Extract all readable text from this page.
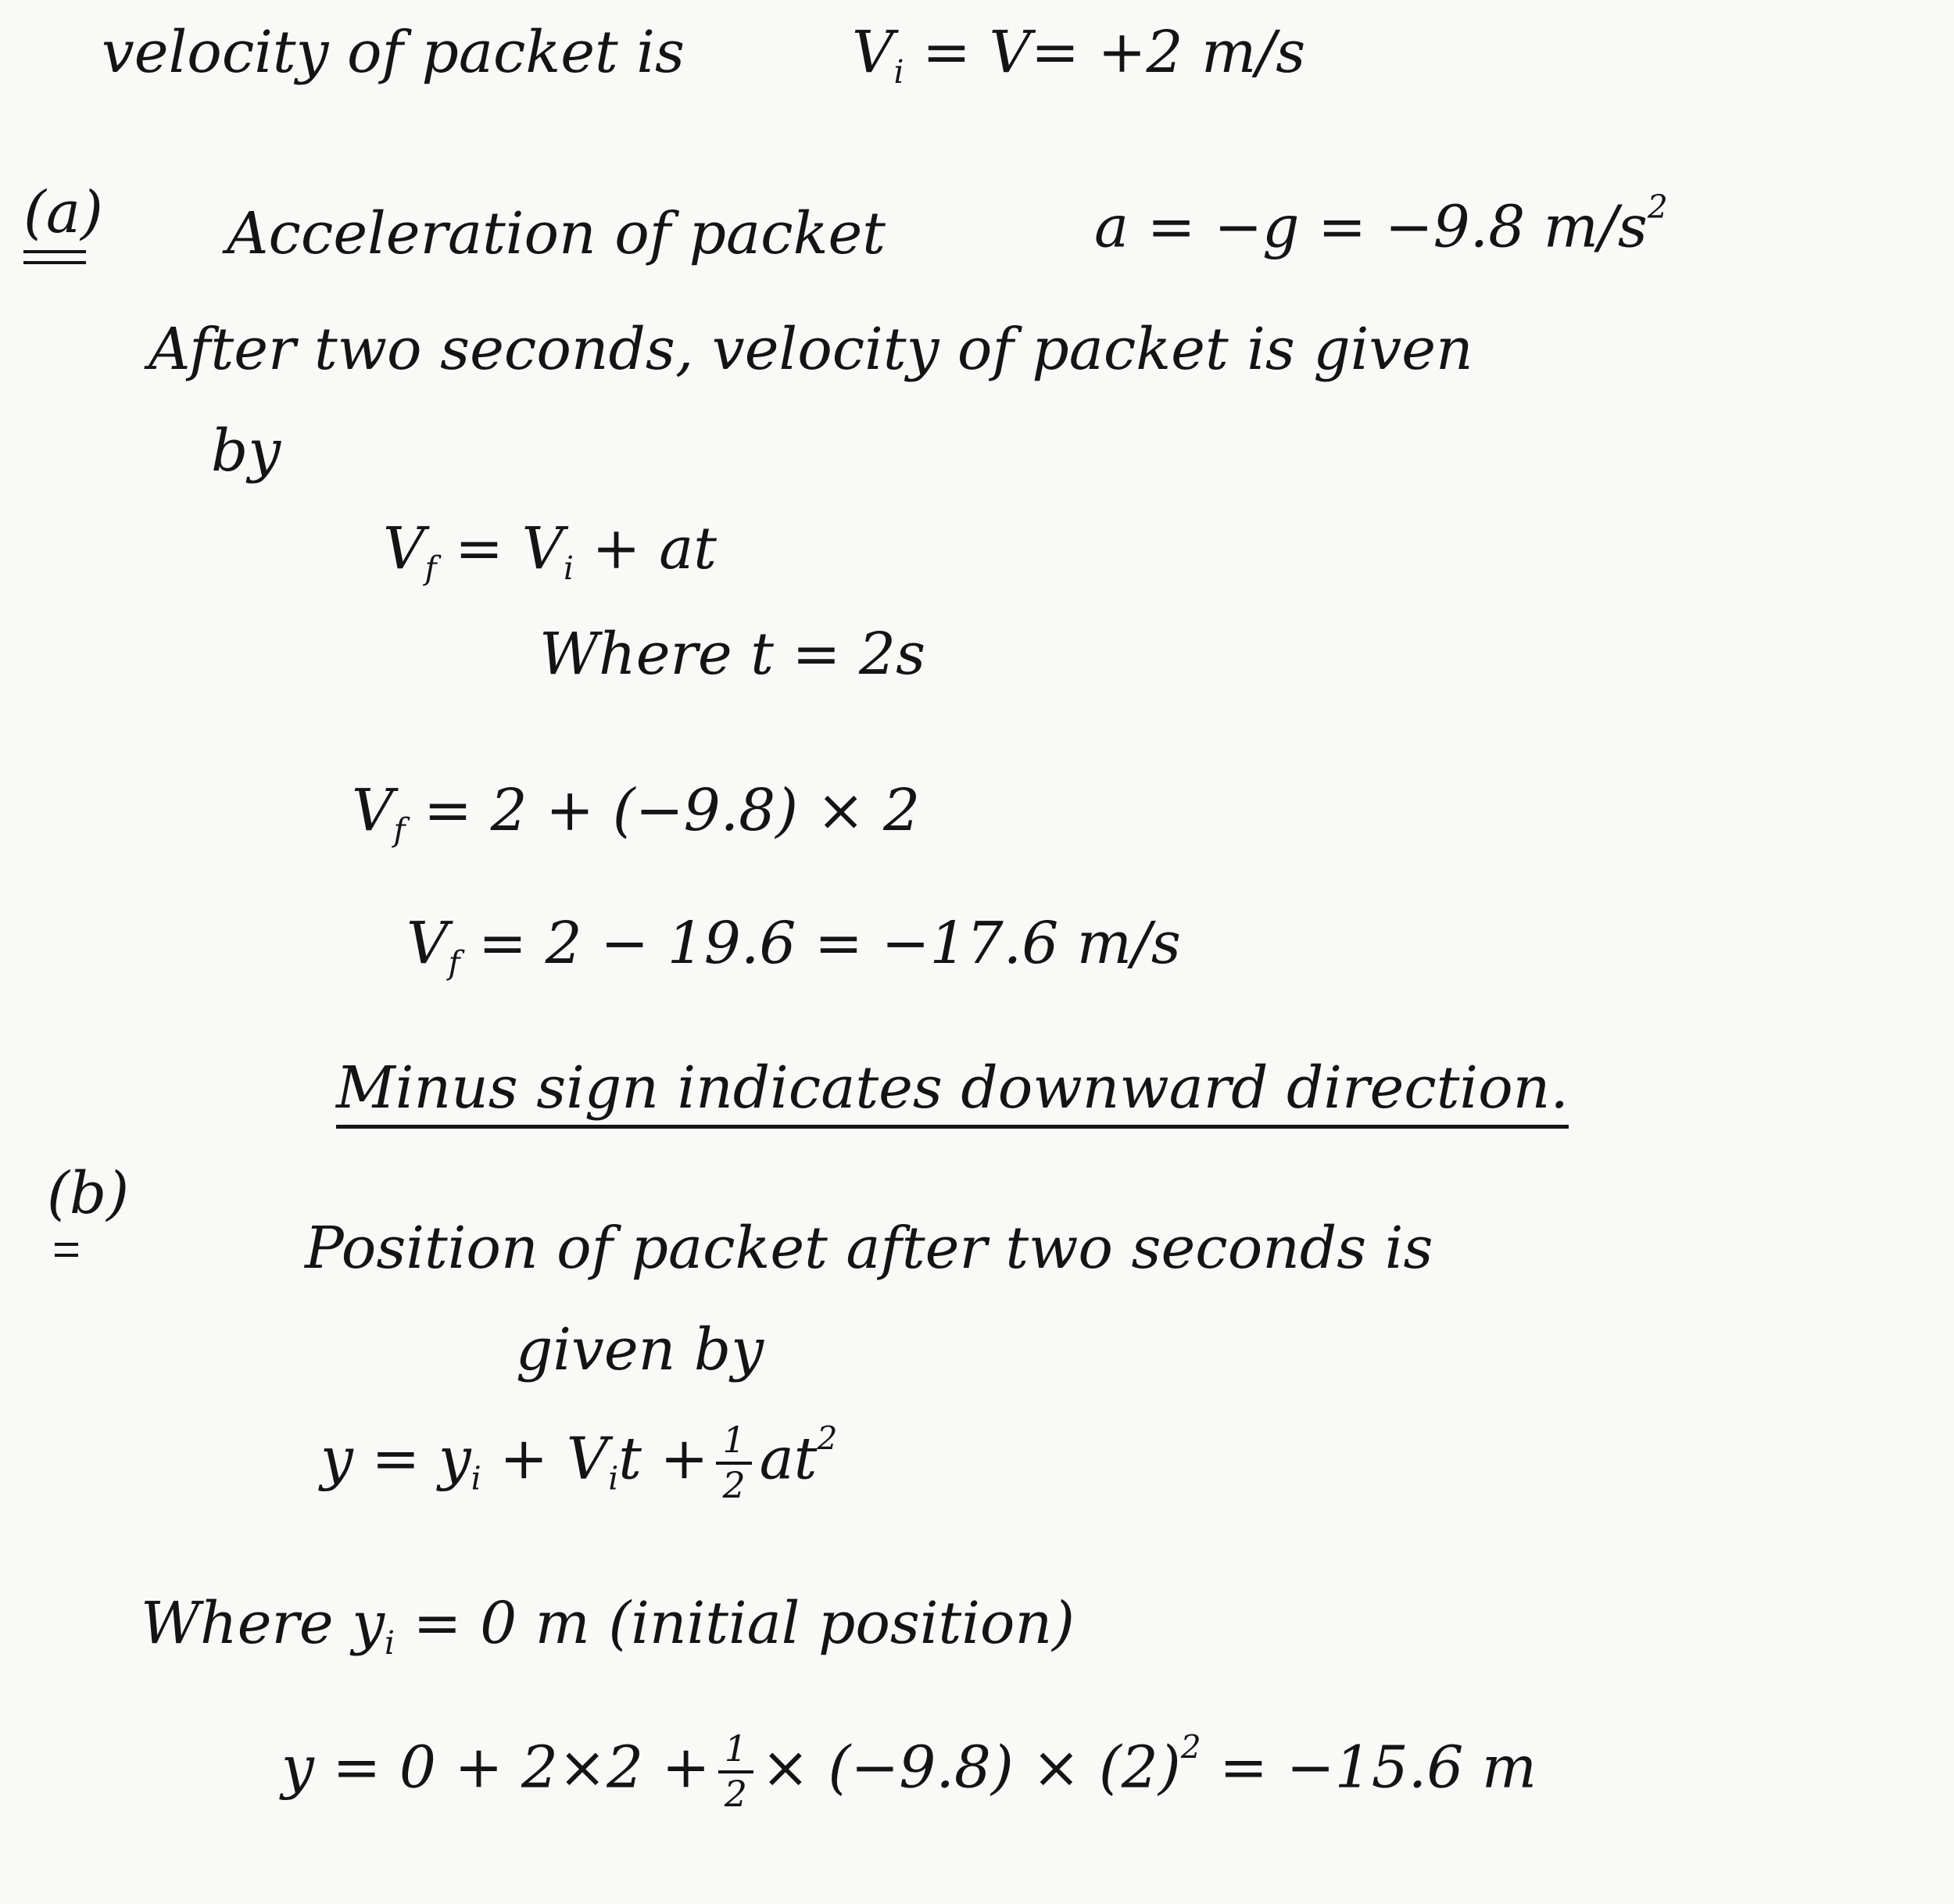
velocity of packet is	$V_i = V= +2$ m/s
(a) Acceleration of packet	a = −g = −9.8 $m/s^2$
After two seconds, velocity of packet is given
by
$V_f = V_i$ + at
Where t = 2s
$V_f = 2 + (-9.8) \times 2$
$V_f = 2 - 19.6 = -17.6$ m/s
Minus sign indicates downward direction.
(b)
Position of packet after two seconds is
given by
$y = y_i + V_it + \frac{1}{2} at^2$
Where $y_i = 0$ m (initial position)
$y = 0 + 2\times 2 + \frac{1}{2} \times (-9.8) \times (2)^2 = -15.6$ m
